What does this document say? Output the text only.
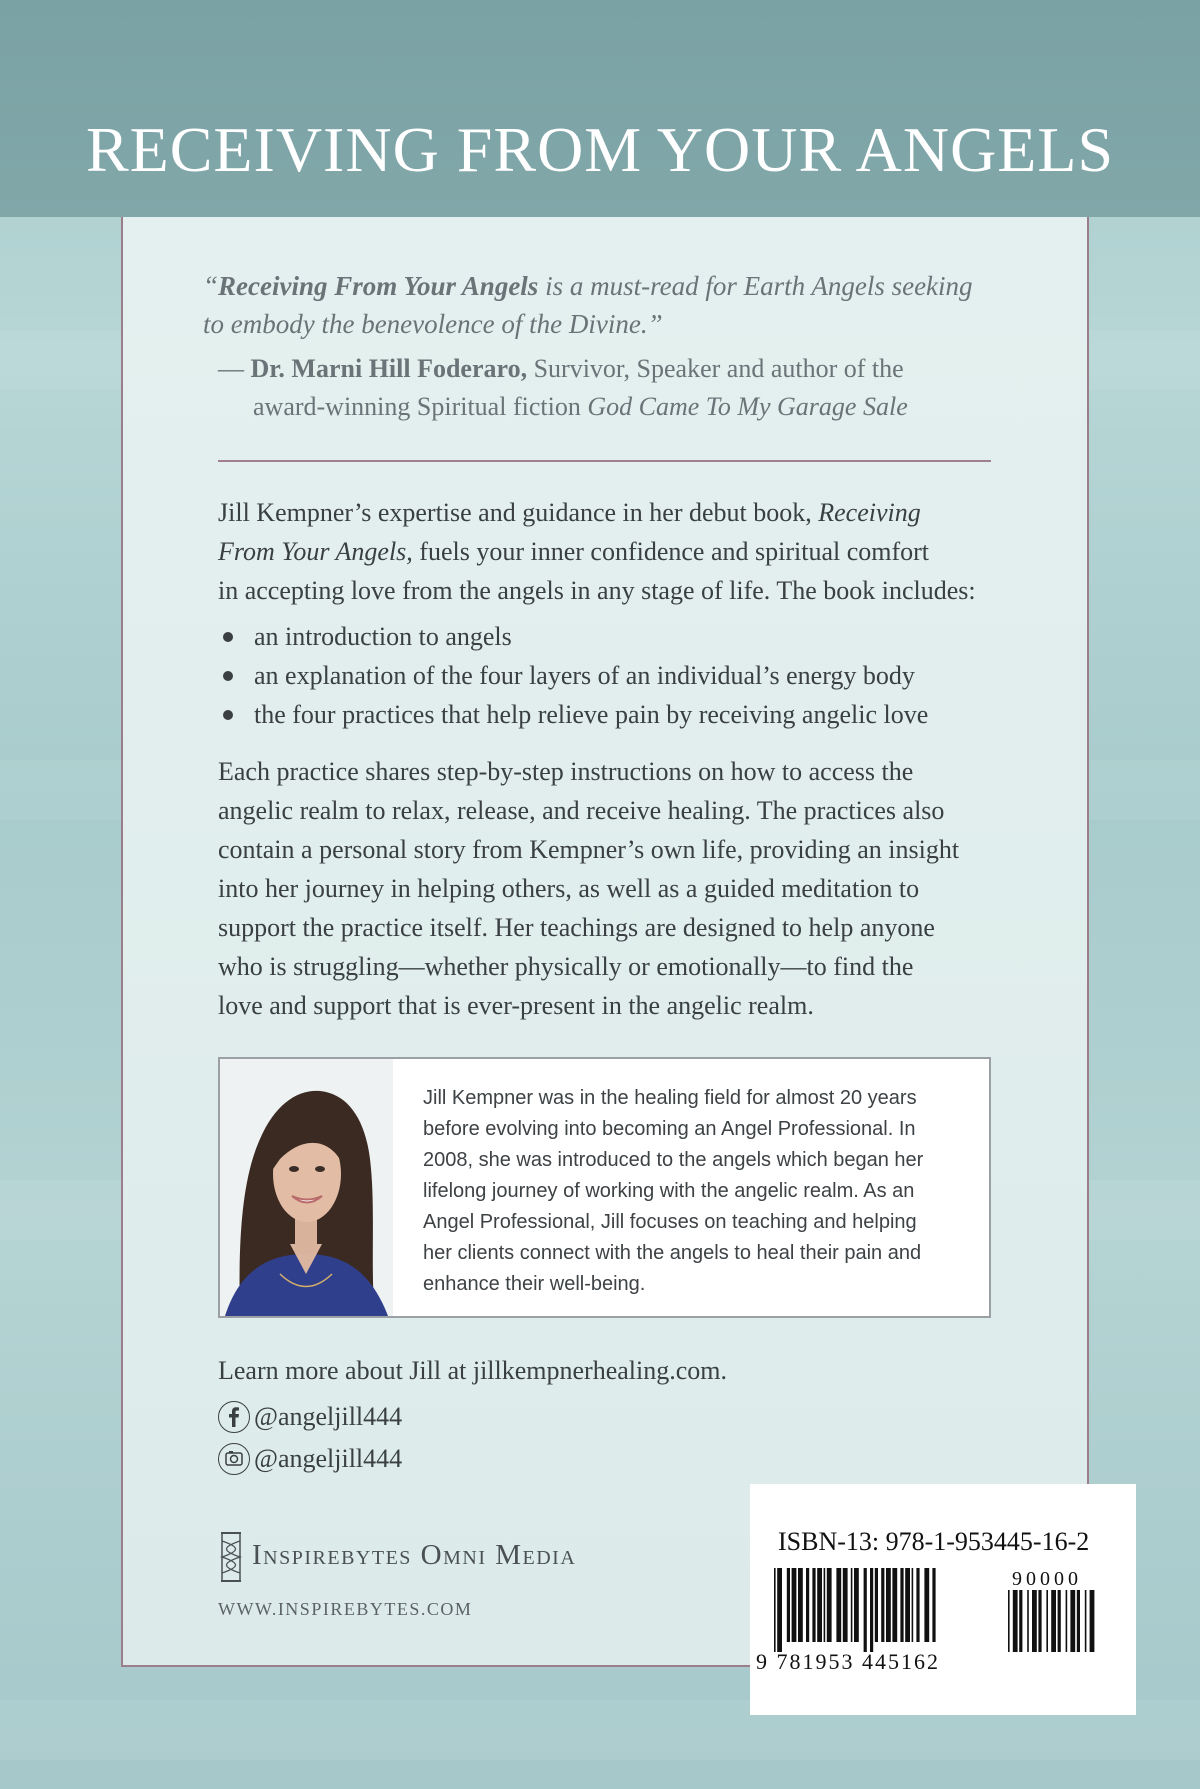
RECEIVING FROM YOUR ANGELS
“Receiving From Your Angels is a must-read for Earth Angels seeking
to embody the benevolence of the Divine.”
— Dr. Marni Hill Foderaro, Survivor, Speaker and author of the
award-winning Spiritual fiction God Came To My Garage Sale
Jill Kempner’s expertise and guidance in her debut book, Receiving
From Your Angels, fuels your inner confidence and spiritual comfort
in accepting love from the angels in any stage of life. The book includes:
an introduction to angels
an explanation of the four layers of an individual’s energy body
the four practices that help relieve pain by receiving angelic love
Each practice shares step-by-step instructions on how to access the
angelic realm to relax, release, and receive healing. The practices also
contain a personal story from Kempner’s own life, providing an insight
into her journey in helping others, as well as a guided meditation to
support the practice itself. Her teachings are designed to help anyone
who is struggling—whether physically or emotionally—to find the
love and support that is ever-present in the angelic realm.
Jill Kempner was in the healing field for almost 20 years
before evolving into becoming an Angel Professional. In
2008, she was introduced to the angels which began her
lifelong journey of working with the angelic realm. As an
Angel Professional, Jill focuses on teaching and helping
her clients connect with the angels to heal their pain and
enhance their well-being.
Learn more about Jill at jillkempnerhealing.com.
@angeljill444
@angeljill444
Inspirebytes Omni Media
WWW.INSPIREBYTES.COM
ISBN-13: 978-1-953445-16-2
90000
9 781953 445162
